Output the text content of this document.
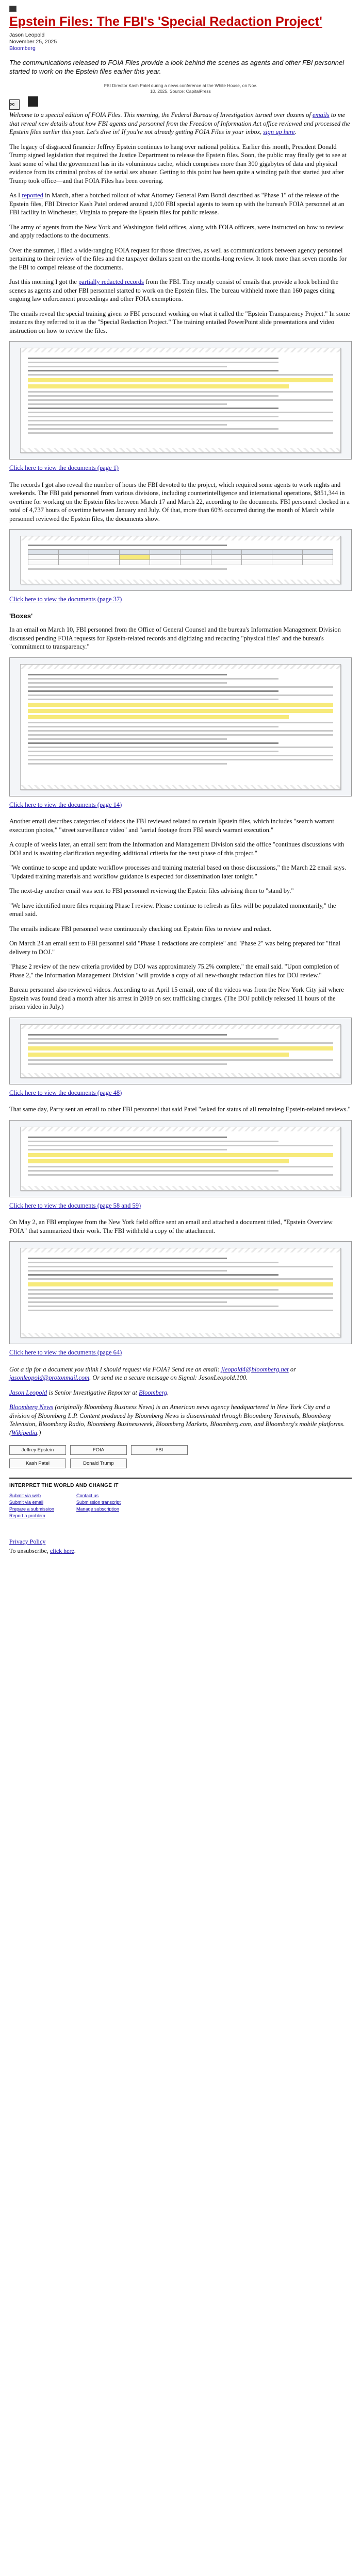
Epstein Files: The FBI's 'Special Redaction Project'
Jason Leopold
November 25, 2025
Bloomberg
The communications released to FOIA Files provide a look behind the scenes as agents and other FBI personnel started to work on the Epstein files earlier this year.
FBI Director Kash Patel during a news conference at the White House, on Nov. 10, 2025. Source: CapitalPress
✉

Welcome to a special edition of FOIA Files. This morning, the Federal Bureau of Investigation turned over dozens of emails to me that reveal new details about how FBI agents and personnel from the Freedom of Information Act office reviewed and processed the Epstein files earlier this year. Let's dive in! If you're not already getting FOIA Files in your inbox, sign up here.

The legacy of disgraced financier Jeffrey Epstein continues to hang over national politics. Earlier this month, President Donald Trump signed legislation that required the Justice Department to release the Epstein files. Soon, the public may finally get to see at least some of what the government has in its voluminous cache, which comprises more than 300 gigabytes of data and physical evidence from its criminal probes of the serial sex abuser. Getting to this point has been quite a winding path that started just after Trump took office—and that FOIA Files has been covering.

As I reported in March, after a botched rollout of what Attorney General Pam Bondi described as "Phase 1" of the release of the Epstein files, FBI Director Kash Patel ordered around 1,000 FBI special agents to team up with the bureau's FOIA personnel at an FBI facility in Winchester, Virginia to prepare the Epstein files for public release.

The army of agents from the New York and Washington field offices, along with FOIA officers, were instructed on how to review and apply redactions to the documents.

Over the summer, I filed a wide-ranging FOIA request for those directives, as well as communications between agency personnel pertaining to their review of the files and the taxpayer dollars spent on the months-long review. It took more than seven months for the FBI to compel release of the documents.

Just this morning I got the partially redacted records from the FBI. They mostly consist of emails that provide a look behind the scenes as agents and other FBI personnel started to work on the Epstein files. The bureau withheld more than 160 pages citing ongoing law enforcement proceedings and other FOIA exemptions.

The emails reveal the special training given to FBI personnel working on what it called the "Epstein Transparency Project." In some instances they referred to it as the "Special Redaction Project." The training entailed PowerPoint slide presentations and video instruction on how to review the files.

Click here to view the documents (page 1)

The records I got also reveal the number of hours the FBI devoted to the project, which required some agents to work nights and weekends. The FBI paid personnel from various divisions, including counterintelligence and international operations, $851,344 in overtime for working on the Epstein files between March 17 and March 22, according to the documents. FBI personnel clocked in a total of 4,737 hours of overtime between January and July. Of that, more than 60% occurred during the month of March while personnel reviewed the Epstein files, the documents show.

Click here to view the documents (page 37)
'Boxes'

In an email on March 10, FBI personnel from the Office of General Counsel and the bureau's Information Management Division discussed pending FOIA requests for Epstein-related records and digitizing and redacting "physical files" and the bureau's "commitment to transparency."

Click here to view the documents (page 14)

Another email describes categories of videos the FBI reviewed related to certain Epstein files, which includes "search warrant execution photos," "street surveillance video" and "aerial footage from FBI search warrant execution."

A couple of weeks later, an email sent from the Information and Management Division said the office "continues discussions with DOJ and is awaiting clarification regarding additional criteria for the next phase of this project."

"We continue to scope and update workflow processes and training material based on those discussions," the March 22 email says. "Updated training materials and workflow guidance is expected for dissemination later tonight."

The next-day another email was sent to FBI personnel reviewing the Epstein files advising them to "stand by."

"We have identified more files requiring Phase I review. Please continue to refresh as files will be populated momentarily," the email said.

The emails indicate FBI personnel were continuously checking out Epstein files to review and redact.

On March 24 an email sent to FBI personnel said "Phase 1 redactions are complete" and "Phase 2" was being prepared for "final delivery to DOJ."

"Phase 2 review of the new criteria provided by DOJ was approximately 75.2% complete," the email said. "Upon completion of Phase 2," the Information Management Division "will provide a copy of all new-thought redaction files for DOJ review."

Bureau personnel also reviewed videos. According to an April 15 email, one of the videos was from the New York City jail where Epstein was found dead a month after his arrest in 2019 on sex trafficking charges. (The DOJ publicly released 11 hours of the prison video in July.)

Click here to view the documents (page 48)

That same day, Parry sent an email to other FBI personnel that said Patel "asked for status of all remaining Epstein-related reviews."

Click here to view the documents (page 58 and 59)

On May 2, an FBI employee from the New York field office sent an email and attached a document titled, "Epstein Overview FOIA" that summarized their work. The FBI withheld a copy of the attachment.

Click here to view the documents (page 64)

Got a tip for a document you think I should request via FOIA? Send me an email: jleopold4@bloomberg.net or jasonleopold@protonmail.com. Or send me a secure message on Signal: JasonLeopold.100.

Jason Leopold is Senior Investigative Reporter at Bloomberg.

Bloomberg News (originally Bloomberg Business News) is an American news agency headquartered in New York City and a division of Bloomberg L.P. Content produced by Bloomberg News is disseminated through Bloomberg Terminals, Bloomberg Television, Bloomberg Radio, Bloomberg Businessweek, Bloomberg Markets, Bloomberg.com, and Bloomberg's mobile platforms. (Wikipedia.)

Jeffrey Epstein	FOIA	FBI
Kash Patel	Donald Trump
INTERPRET THE WORLD AND CHANGE IT
Submit via web
Submit via email
Prepare a submission
Report a problem
Contact us
Submission transcript
Manage subscription
Privacy Policy
To unsubscribe, click here.
